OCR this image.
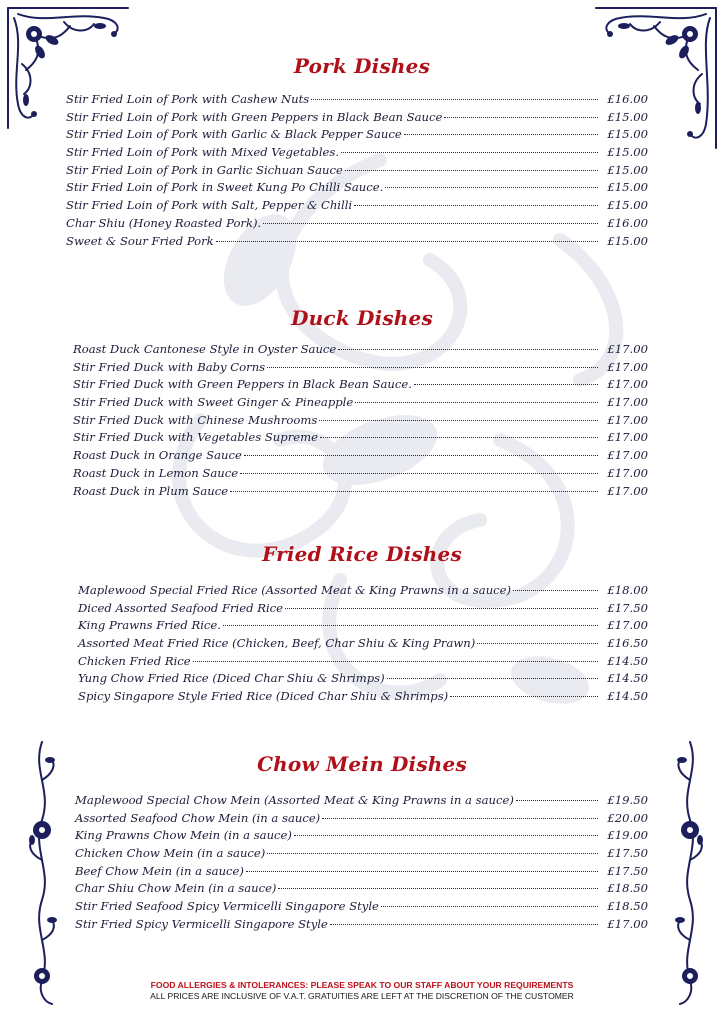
Pork Dishes
Stir Fried Loin of Pork with Cashew Nuts	£16.00
Stir Fried Loin of Pork with Green Peppers in Black Bean Sauce	£15.00
Stir Fried Loin of Pork with Garlic & Black Pepper Sauce	£15.00
Stir Fried Loin of Pork with Mixed Vegetables.	£15.00
Stir Fried Loin of Pork in Garlic Sichuan Sauce	£15.00
Stir Fried Loin of Pork in Sweet Kung Po Chilli Sauce.	£15.00
Stir Fried Loin of Pork with Salt, Pepper & Chilli	£15.00
Char Shiu (Honey Roasted Pork).	£16.00
Sweet & Sour Fried Pork	£15.00
Duck Dishes
Roast Duck Cantonese Style in Oyster Sauce	£17.00
Stir Fried Duck with Baby Corns	£17.00
Stir Fried Duck with Green Peppers in Black Bean Sauce.	£17.00
Stir Fried Duck with Sweet Ginger & Pineapple	£17.00
Stir Fried Duck with Chinese Mushrooms	£17.00
Stir Fried Duck with Vegetables Supreme	£17.00
Roast Duck in Orange Sauce	£17.00
Roast Duck in Lemon Sauce	£17.00
Roast Duck in Plum Sauce	£17.00
Fried Rice Dishes
Maplewood Special Fried Rice (Assorted Meat & King Prawns in a sauce)	£18.00
Diced Assorted Seafood Fried Rice	£17.50
King Prawns Fried Rice.	£17.00
Assorted Meat Fried Rice (Chicken, Beef, Char Shiu & King Prawn)	£16.50
Chicken Fried Rice	£14.50
Yung Chow Fried Rice (Diced Char Shiu & Shrimps)	£14.50
Spicy Singapore Style Fried Rice (Diced Char Shiu & Shrimps)	£14.50
Chow Mein Dishes
Maplewood Special Chow Mein (Assorted Meat & King Prawns in a sauce)	£19.50
Assorted Seafood Chow Mein (in a sauce)	£20.00
King Prawns Chow Mein (in a sauce)	£19.00
Chicken Chow Mein (in a sauce)	£17.50
Beef Chow Mein (in a sauce)	£17.50
Char Shiu Chow Mein (in a sauce)	£18.50
Stir Fried Seafood Spicy Vermicelli Singapore Style	£18.50
Stir Fried Spicy Vermicelli Singapore Style	£17.00
FOOD ALLERGIES & INTOLERANCES: PLEASE SPEAK TO OUR STAFF ABOUT YOUR REQUIREMENTS
ALL PRICES ARE INCLUSIVE OF V.A.T. GRATUITIES ARE LEFT AT THE DISCRETION OF THE CUSTOMER
